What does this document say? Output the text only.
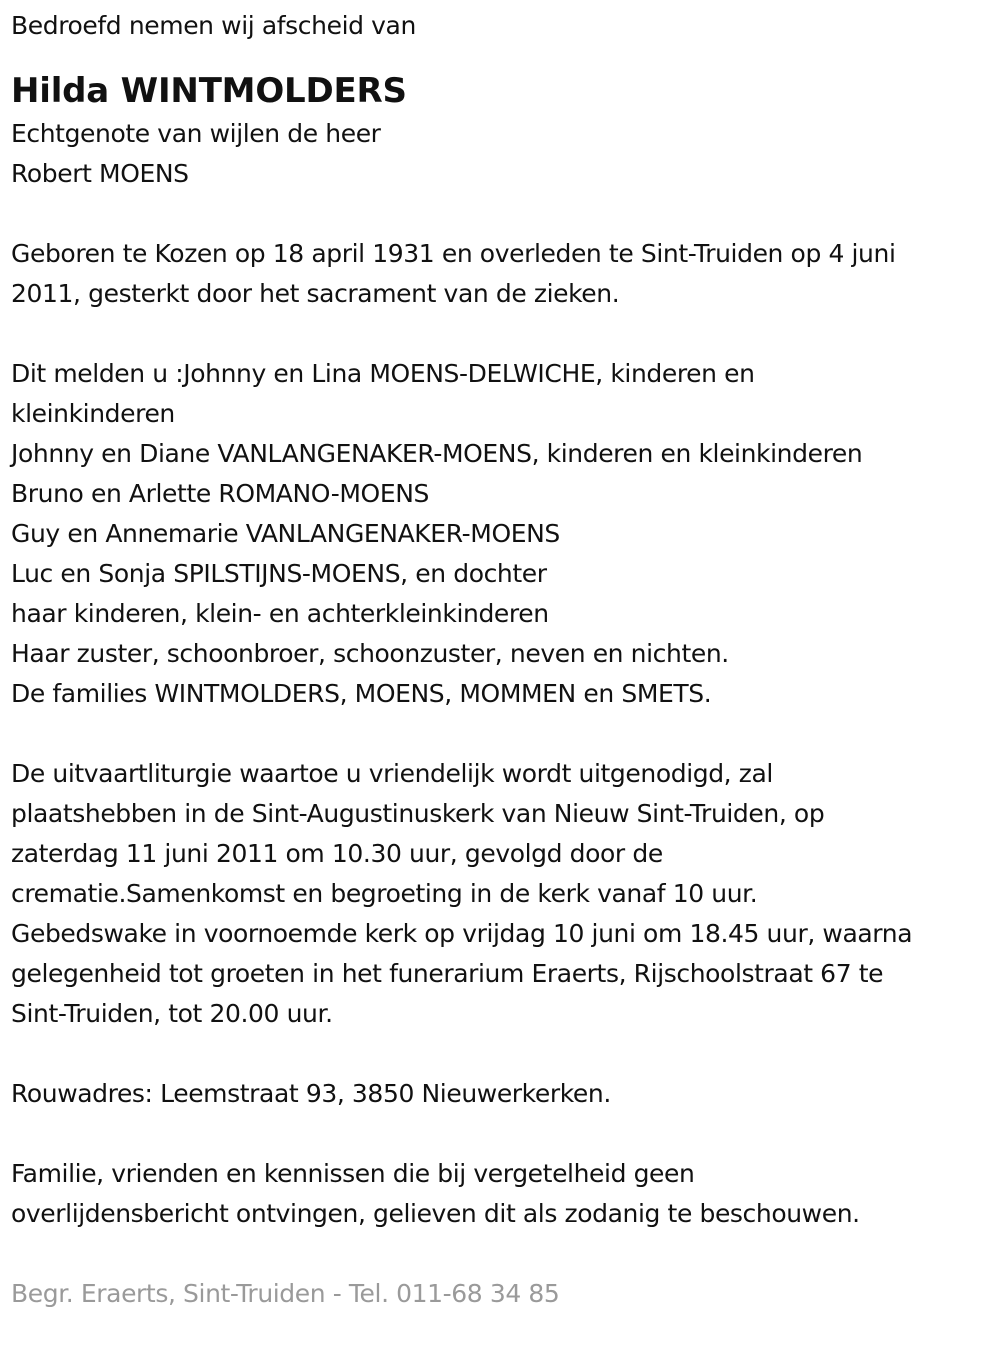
Bedroefd nemen wij afscheid van
Hilda WINTMOLDERS
Echtgenote van wijlen de heer
Robert MOENS
Geboren te Kozen op 18 april 1931 en overleden te Sint-Truiden op 4 juni
2011, gesterkt door het sacrament van de zieken.
Dit melden u :Johnny en Lina MOENS-DELWICHE, kinderen en
kleinkinderen
Johnny en Diane VANLANGENAKER-MOENS, kinderen en kleinkinderen
Bruno en Arlette ROMANO-MOENS
Guy en Annemarie VANLANGENAKER-MOENS
Luc en Sonja SPILSTIJNS-MOENS, en dochter
haar kinderen, klein- en achterkleinkinderen
Haar zuster, schoonbroer, schoonzuster, neven en nichten.
De families WINTMOLDERS, MOENS, MOMMEN en SMETS.
De uitvaartliturgie waartoe u vriendelijk wordt uitgenodigd, zal
plaatshebben in de Sint-Augustinuskerk van Nieuw Sint-Truiden, op
zaterdag 11 juni 2011 om 10.30 uur, gevolgd door de
crematie.Samenkomst en begroeting in de kerk vanaf 10 uur.
Gebedswake in voornoemde kerk op vrijdag 10 juni om 18.45 uur, waarna
gelegenheid tot groeten in het funerarium Eraerts, Rijschoolstraat 67 te
Sint-Truiden, tot 20.00 uur.
Rouwadres: Leemstraat 93, 3850 Nieuwerkerken.
Familie, vrienden en kennissen die bij vergetelheid geen
overlijdensbericht ontvingen, gelieven dit als zodanig te beschouwen.
Begr. Eraerts, Sint-Truiden - Tel. 011-68 34 85
